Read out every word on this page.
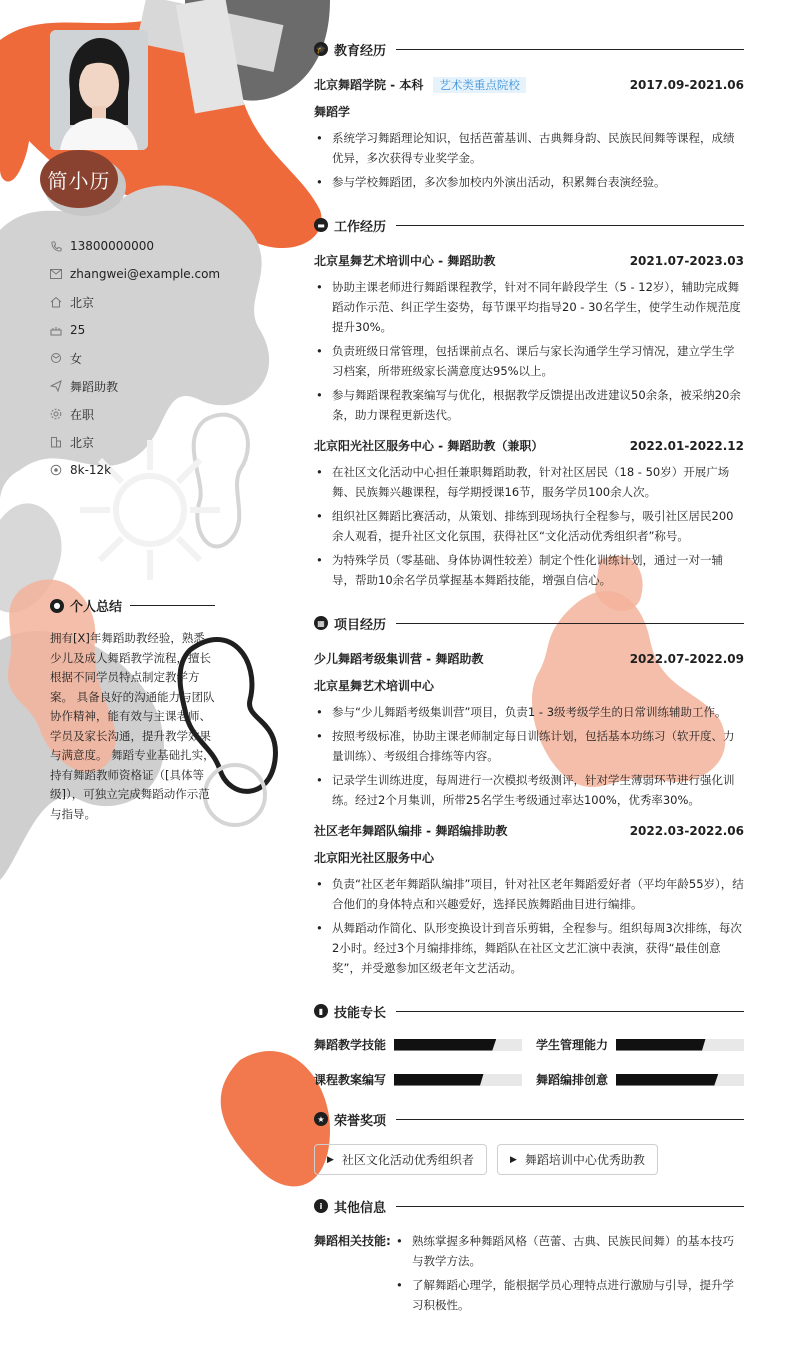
简小历
13800000000
zhangwei@example.com
北京
25
女
舞蹈助教
在职
北京
8k-12k
● 个人总结

拥有[X]年舞蹈助教经验，熟悉少儿及成人舞蹈教学流程，擅长根据不同学员特点制定教学方案。 具备良好的沟通能力与团队协作精神，能有效与主课老师、学员及家长沟通，提升教学效果与满意度。 舞蹈专业基础扎实，持有舞蹈教师资格证（[具体等级]），可独立完成舞蹈动作示范与指导。

🎓 教育经历
北京舞蹈学院 - 本科 艺术类重点院校	2017.09-2021.06
舞蹈学
• 系统学习舞蹈理论知识，包括芭蕾基训、古典舞身韵、民族民间舞等课程，成绩优异，多次获得专业奖学金。
• 参与学校舞蹈团，多次参加校内外演出活动，积累舞台表演经验。
▬ 工作经历
北京星舞艺术培训中心 - 舞蹈助教	2021.07-2023.03
• 协助主课老师进行舞蹈课程教学，针对不同年龄段学生（5 - 12岁），辅助完成舞蹈动作示范、纠正学生姿势，每节课平均指导20 - 30名学生，使学生动作规范度提升30%。
• 负责班级日常管理，包括课前点名、课后与家长沟通学生学习情况，建立学生学习档案，所带班级家长满意度达95%以上。
• 参与舞蹈课程教案编写与优化，根据教学反馈提出改进建议50余条，被采纳20余条，助力课程更新迭代。
北京阳光社区服务中心 - 舞蹈助教（兼职）	2022.01-2022.12
• 在社区文化活动中心担任兼职舞蹈助教，针对社区居民（18 - 50岁）开展广场舞、民族舞兴趣课程，每学期授课16节，服务学员100余人次。
• 组织社区舞蹈比赛活动，从策划、排练到现场执行全程参与，吸引社区居民200余人观看，提升社区文化氛围，获得社区“文化活动优秀组织者”称号。
• 为特殊学员（零基础、身体协调性较差）制定个性化训练计划，通过一对一辅导，帮助10余名学员掌握基本舞蹈技能，增强自信心。
▦ 项目经历
少儿舞蹈考级集训营 - 舞蹈助教	2022.07-2022.09
北京星舞艺术培训中心
• 参与“少儿舞蹈考级集训营”项目，负责1 - 3级考级学生的日常训练辅助工作。
• 按照考级标准，协助主课老师制定每日训练计划，包括基本功练习（软开度、力量训练）、考级组合排练等内容。
• 记录学生训练进度，每周进行一次模拟考级测评，针对学生薄弱环节进行强化训练。经过2个月集训，所带25名学生考级通过率达100%，优秀率30%。
社区老年舞蹈队编排 - 舞蹈编排助教	2022.03-2022.06
北京阳光社区服务中心
• 负责“社区老年舞蹈队编排”项目，针对社区老年舞蹈爱好者（平均年龄55岁），结合他们的身体特点和兴趣爱好，选择民族舞蹈曲目进行编排。
• 从舞蹈动作简化、队形变换设计到音乐剪辑，全程参与。组织每周3次排练，每次2小时。经过3个月编排排练，舞蹈队在社区文艺汇演中表演，获得“最佳创意奖”，并受邀参加区级老年文艺活动。
▮ 技能专长
舞蹈教学技能	学生管理能力
课程教案编写	舞蹈编排创意
★ 荣誉奖项
▶ 社区文化活动优秀组织者	▶ 舞蹈培训中心优秀助教
i 其他信息
舞蹈相关技能:
•	熟练掌握多种舞蹈风格（芭蕾、古典、民族民间舞）的基本技巧与教学方法。
• 了解舞蹈心理学，能根据学员心理特点进行激励与引导，提升学习积极性。
